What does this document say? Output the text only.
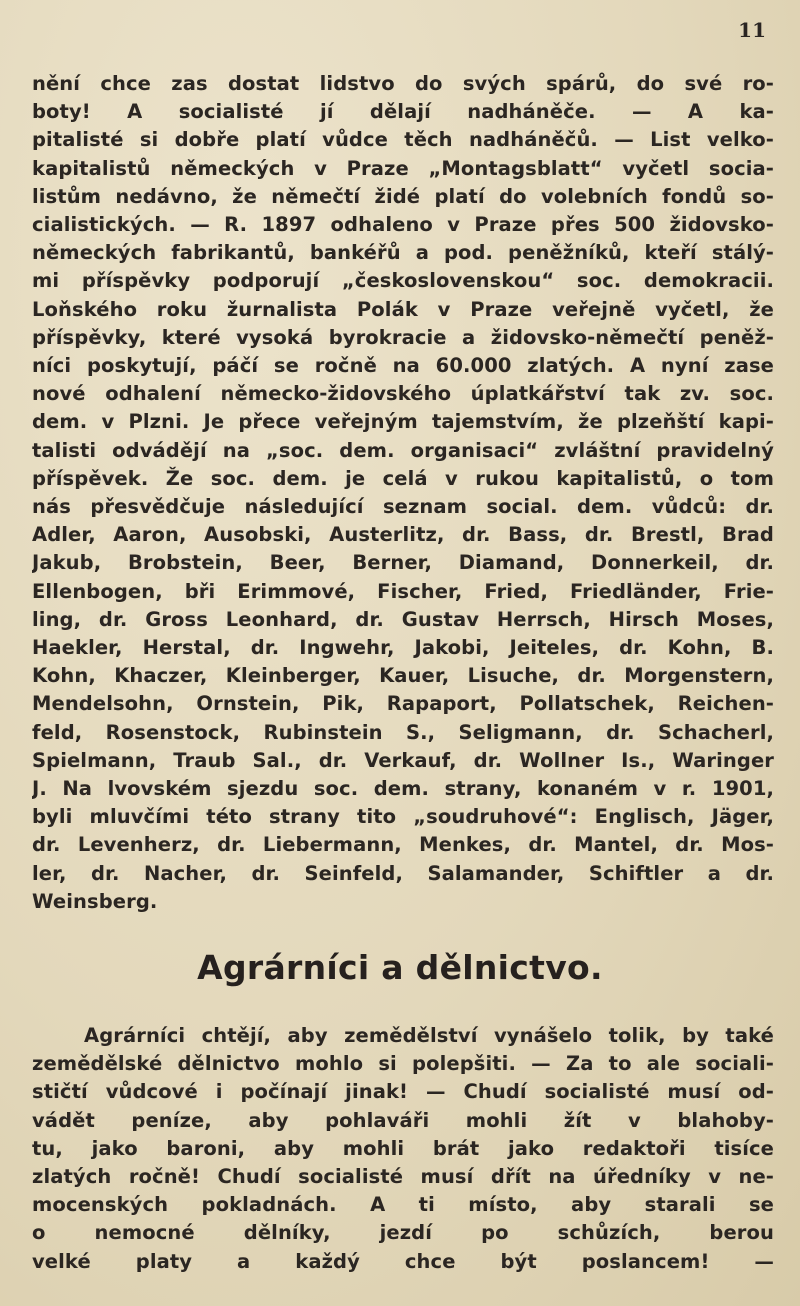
11
nění chce zas dostat lidstvo do svých spárů, do své ro-
boty! A socialisté jí dělají nadháněče. — A ka-
pitalisté si dobře platí vůdce těch nadháněčů. — List velko-
kapitalistů německých v Praze „Montagsblatt“ vyčetl socia-
listům nedávno, že němečtí židé platí do volebních fondů so-
cialistických. — R. 1897 odhaleno v Praze přes 500 židovsko-
německých fabrikantů, bankéřů a pod. peněžníků, kteří stálý-
mi příspěvky podporují „československou“ soc. demokracii.
Loňského roku žurnalista Polák v Praze veřejně vyčetl, že
příspěvky, které vysoká byrokracie a židovsko-němečtí peněž-
níci poskytují, páčí se ročně na 60.000 zlatých. A nyní zase
nové odhalení německo-židovského úplatkářství tak zv. soc.
dem. v Plzni. Je přece veřejným tajemstvím, že plzeňští kapi-
talisti odvádějí na „soc. dem. organisaci“ zvláštní pravidelný
příspěvek. Že soc. dem. je celá v rukou kapitalistů, o tom
nás přesvědčuje následující seznam social. dem. vůdců: dr.
Adler, Aaron, Ausobski, Austerlitz, dr. Bass, dr. Brestl, Brad
Jakub, Brobstein, Beer, Berner, Diamand, Donnerkeil, dr.
Ellenbogen, bři Erimmové, Fischer, Fried, Friedländer, Frie-
ling, dr. Gross Leonhard, dr. Gustav Herrsch, Hirsch Moses,
Haekler, Herstal, dr. Ingwehr, Jakobi, Jeiteles, dr. Kohn, B.
Kohn, Khaczer, Kleinberger, Kauer, Lisuche, dr. Morgenstern,
Mendelsohn, Ornstein, Pik, Rapaport, Pollatschek, Reichen-
feld, Rosenstock, Rubinstein S., Seligmann, dr. Schacherl,
Spielmann, Traub Sal., dr. Verkauf, dr. Wollner Is., Waringer
J. Na lvovském sjezdu soc. dem. strany, konaném v r. 1901,
byli mluvčími této strany tito „soudruhové“: Englisch, Jäger,
dr. Levenherz, dr. Liebermann, Menkes, dr. Mantel, dr. Mos-
ler, dr. Nacher, dr. Seinfeld, Salamander, Schiftler a dr.
Weinsberg.
Agrárníci a dělnictvo.
Agrárníci chtějí, aby zemědělství vynášelo tolik, by také
zemědělské dělnictvo mohlo si polepšiti. — Za to ale sociali-
stičtí vůdcové i počínají jinak! — Chudí socialisté musí od-
vádět peníze, aby pohlaváři mohli žít v blahoby-
tu, jako baroni, aby mohli brát jako redaktoři tisíce
zlatých ročně! Chudí socialisté musí dřít na úředníky v ne-
mocenských pokladnách. A ti místo, aby starali se
o nemocné dělníky, jezdí po schůzích, berou
velké platy a každý chce být poslancem! —
